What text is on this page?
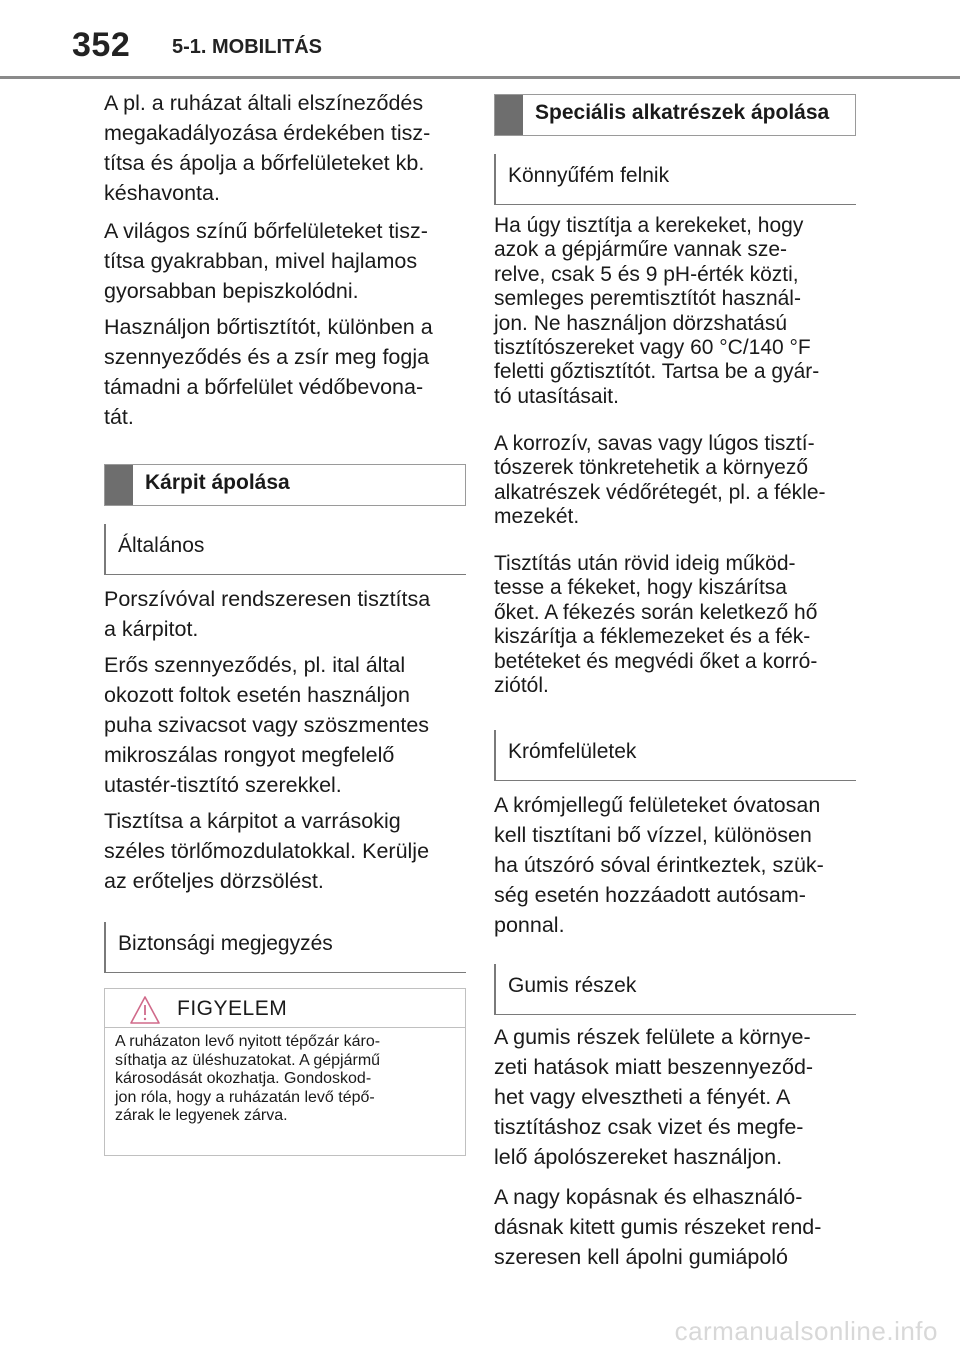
352 5-1. MOBILITÁS
A pl. a ruházat általi elszíneződés
megakadályozása érdekében tisz-
títsa és ápolja a bőrfelületeket kb.
késhavonta.
A világos színű bőrfelületeket tisz-
títsa gyakrabban, mivel hajlamos
gyorsabban bepiszkolódni.
Használjon bőrtisztítót, különben a
szennyeződés és a zsír meg fogja
támadni a bőrfelület védőbevona-
tát.
Kárpit ápolása
Általános
Porszívóval rendszeresen tisztítsa
a kárpitot.
Erős szennyeződés, pl. ital által
okozott foltok esetén használjon
puha szivacsot vagy szöszmentes
mikroszálas rongyot megfelelő
utastér-tisztító szerekkel.
Tisztítsa a kárpitot a varrásokig
széles törlőmozdulatokkal. Kerülje
az erőteljes dörzsölést.
Biztonsági megjegyzés
FIGYELEM
A ruházaton levő nyitott tépőzár káro-
síthatja az üléshuzatokat. A gépjármű
károsodását okozhatja. Gondoskod-
jon róla, hogy a ruházatán levő tépő-
zárak le legyenek zárva.
Speciális alkatrészek ápolása
Könnyűfém felnik
Ha úgy tisztítja a kerekeket, hogy
azok a gépjárműre vannak sze-
relve, csak 5 és 9 pH-érték közti,
semleges peremtisztítót használ-
jon. Ne használjon dörzshatású
tisztítószereket vagy 60 °C/140 °F
feletti gőztisztítót. Tartsa be a gyár-
tó utasításait.
A korrozív, savas vagy lúgos tisztí-
tószerek tönkretehetik a környező
alkatrészek védőrétegét, pl. a fékle-
mezekét.
Tisztítás után rövid ideig működ-
tesse a fékeket, hogy kiszárítsa
őket. A fékezés során keletkező hő
kiszárítja a féklemezeket és a fék-
betéteket és megvédi őket a korró-
ziótól.
Krómfelületek
A krómjellegű felületeket óvatosan
kell tisztítani bő vízzel, különösen
ha útszóró sóval érintkeztek, szük-
ség esetén hozzáadott autósam-
ponnal.
Gumis részek
A gumis részek felülete a környe-
zeti hatások miatt beszennyeződ-
het vagy elvesztheti a fényét. A
tisztításhoz csak vizet és megfe-
lelő ápolószereket használjon.
A nagy kopásnak és elhasználó-
dásnak kitett gumis részeket rend-
szeresen kell ápolni gumiápoló
carmanualsonline.info
